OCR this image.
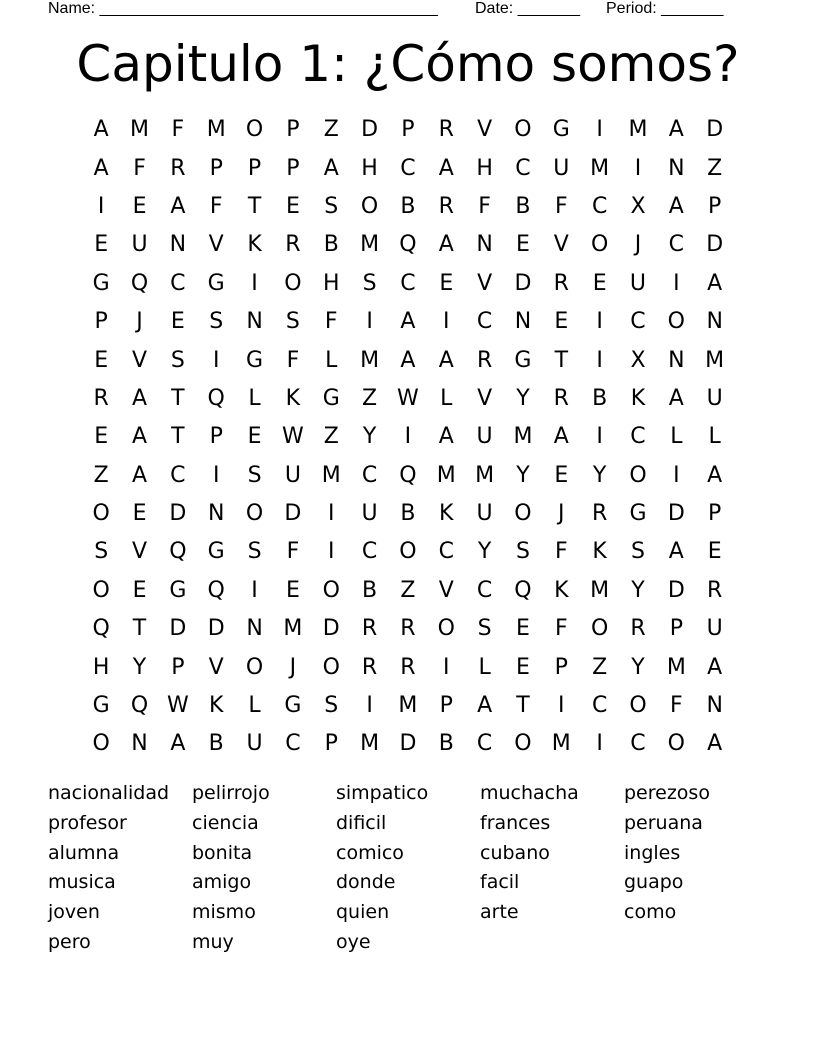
Name: ______________________________________ Date: _______ Period: _______
Capitulo 1: ¿Cómo somos?
A M	F	M O	P	Z	D	P	R	V	O G	I	M A	D
A	F	R	P	P	P	A	H	C	A	H	C	U M	I	N	Z
I	E	A	F	T	E	S	O	B	R	F	B	F	C	X	A	P
E	U	N	V	K	R	B M Q	A	N	E	V	O	J	C	D
G Q	C	G	I	O H	S	C	E	V	D	R	E	U	I	A
P	J	E	S	N	S	F	I	A	I	C	N	E	I	C O N
E	V	S	I	G	F	L	M A	A	R	G	T	I	X	N M
R	A	T	Q	L	K	G	Z W L	V	Y	R	B	K	A	U
E	A	T	P	E W Z	Y	I	A	U M A	I	C	L	L
Z	A	C	I	S	U M C Q M M	Y	E	Y	O	I	A
O	E	D N O D	I	U	B	K	U O	J	R	G D	P
S	V	Q G	S	F	I	C O	C	Y	S	F	K	S	A	E
O	E	G Q	I	E	O	B	Z	V	C Q	K M	Y	D	R
Q	T	D D N M D	R	R	O	S	E	F	O	R	P	U
H	Y	P	V	O	J	O	R	R	I	L	E	P	Z	Y	M A
G Q W K	L	G	S	I	M	P	A	T	I	C O	F	N
O N	A	B	U	C	P	M D	B	C O M	I	C O	A
nacionalidad	pelirrojo	simpatico	muchacha	perezoso
profesor	ciencia	dificil	frances	peruana
alumna	bonita	comico	cubano	ingles
musica	amigo	donde	facil	guapo
joven	mismo	quien	arte	como
pero	muy	oye
